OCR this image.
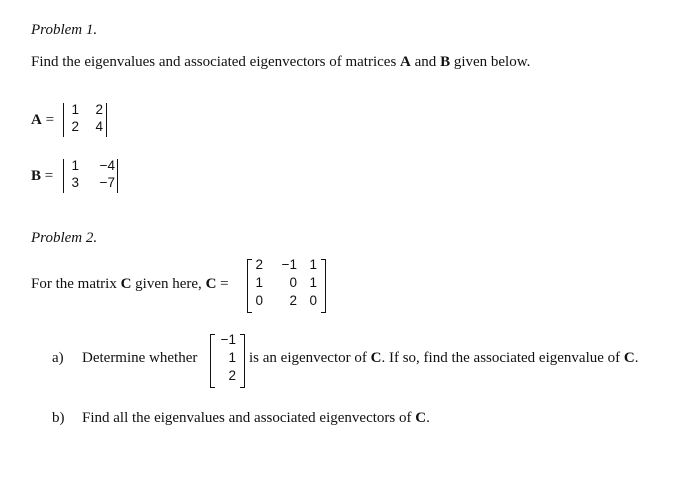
Problem 1.
Find the eigenvalues and associated eigenvectors of matrices A and B given below.
A =
1	2
2	4
B =
1	−4
3	−7
Problem 2.
For the matrix C given here, C =
2	−1 1
1	0 1
0	2 0
a) Determine whether
−1
1
2
is an eigenvector of C. If so, find the associated eigenvalue of C.
b) Find all the eigenvalues and associated eigenvectors of C.
